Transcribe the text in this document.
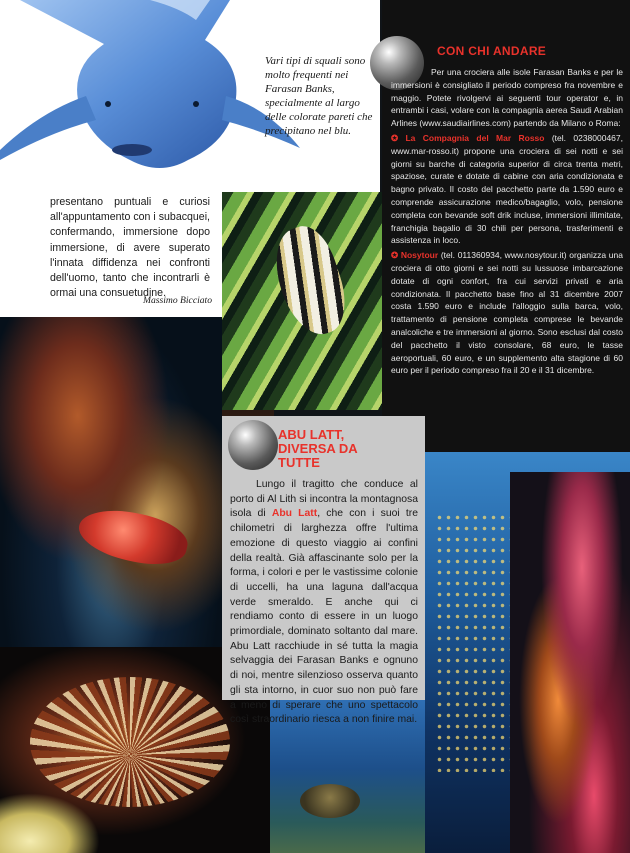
Vari tipi di squali sono molto frequenti nei Farasan Banks, specialmente al largo delle colorate pareti che precipitano nel blu.
presentano puntuali e curiosi all'appuntamento con i subacquei, confermando, immersione dopo immersione, di avere superato l'innata diffidenza nei confronti dell'uomo, tanto che incontrarli è ormai una consuetudine.
Massimo Bicciato
CON CHI ANDARE

Per una crociera alle isole Farasan Banks e per le immersioni è consigliato il periodo compreso fra novembre e maggio. Potete rivolgervi ai seguenti tour operator e, in entrambi i casi, volare con la compagnia aerea Saudi Arabian Arlines (www.saudiairlines.com) partendo da Milano o Roma:

✪ La Compagnia del Mar Rosso (tel. 0238000467, www.mar-rosso.it) propone una crociera di sei notti e sei giorni su barche di categoria superior di circa trenta metri, spaziose, curate e dotate di cabine con aria condizionata e bagno privato. Il costo del pacchetto parte da 1.590 euro e comprende assicurazione medico/bagaglio, volo, pensione completa con bevande soft drik incluse, immersioni illimitate, franchigia bagalio di 30 chili per persona, trasferimenti e assistenza in loco.

✪ Nosytour (tel. 011360934, www.nosytour.it) organizza una crociera di otto giorni e sei notti su lussuose imbarcazione dotate di ogni confort, fra cui servizi privati e aria condizionata. Il pacchetto base fino al 31 dicembre 2007 costa 1.590 euro e include l'alloggio sulla barca, volo, trattamento di pensione completa comprese le bevande analcoliche e tre immersioni al giorno. Sono esclusi dal costo del pacchetto il visto consolare, 68 euro, le tasse aeroportuali, 60 euro, e un supplemento alta stagione di 60 euro per il periodo compreso fra il 20 e il 31 dicembre.

ABU LATT, DIVERSA DA TUTTE
Lungo il tragitto che conduce al porto di Al Lith si incontra la montagnosa isola di Abu Latt, che con i suoi tre chilometri di larghezza offre l'ultima emozione di questo viaggio ai confini della realtà. Già affascinante solo per la forma, i colori e per le vastissime colonie di uccelli, ha una laguna dall'acqua verde smeraldo. E anche qui ci rendiamo conto di essere in un luogo primordiale, dominato soltanto dal mare. Abu Latt racchiude in sé tutta la magia selvaggia dei Farasan Banks e ognuno di noi, mentre silenzioso osserva quanto gli sta intorno, in cuor suo non può fare a meno di sperare che uno spettacolo così straordinario riesca a non finire mai.
